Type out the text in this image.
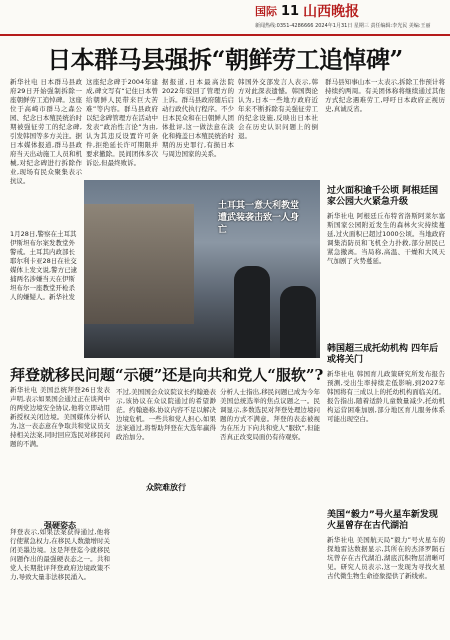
国际 11 山西晚报
新闻热线:0351-4286666 2024年1月31日 星期三 责任编辑:李光民 美编:王丽
日本群马县强拆“朝鲜劳工追悼碑”
新华社电 日本群马县政府29日开始强制拆除一座朝鲜劳工追悼碑。这座位于高崎市群马之森公园、纪念日本殖民统治时期被强征劳工的纪念碑,引发韩国等多方关注。据日本媒体报道,群马县政府当天出动施工人员和机械,对纪念碑进行拆除作业,现场有民众聚集表示抗议。
这座纪念碑于2004年建成,碑文写有“记住日本曾给朝鲜人民带来巨大苦难”等内容。群马县政府以纪念碑管理方在活动中发表“政治性言论”为由,认为其违反设置许可条件,拒绝延长许可期限并要求撤除。民间团体多次诉讼,但最终败诉。
据报道,日本最高法院2022年驳回了管理方的上诉。群马县政府随后启动行政代执行程序。不少日本民众和在日朝鲜人团体批评,这一做法意在淡化和掩盖日本殖民统治时期的历史罪行,有损日本与周边国家的关系。
韩国外交部发言人表示,韩方对此深表遗憾。韩国舆论认为,日本一些地方政府近年来不断拆除有关强征劳工的纪念设施,反映出日本社会在历史认识问题上的倒退。
群马县知事山本一太表示,拆除工作预计将持续约两周。有关团体称将继续通过其他方式纪念遇难劳工,呼吁日本政府正视历史,真诚反省。
1月28日,警察在土耳其伊斯坦布尔案发教堂外警戒。土耳其内政部长耶尔利卡亚28日在社交媒体上发文说,警方已逮捕两名涉嫌当天在伊斯坦布尔一座教堂开枪杀人的嫌疑人。新华社发
土耳其一意大利教堂遭武装袭击致一人身亡
拜登就移民问题“示硬”还是向共和党人“服软”?
新华社电 美国总统拜登26日发表声明,表示如果国会通过正在谈判中的两党边境安全协议,他将立即动用新授权关闭边境。美国媒体分析认为,这一表态意在争取共和党议员支持相关法案,同时回应选民对移民问题的不满。
强硬姿态
拜登表示,如果法案获得通过,他将行使紧急权力,在移民人数激增时关闭美墨边境。这是拜登迄今就移民问题作出的最强硬表态之一。共和党人长期批评拜登政府边境政策不力,导致大量非法移民涌入。
众院难放行
不过,美国国会众议院议长约翰逊表示,该协议在众议院通过的希望渺茫。约翰逊称,协议内容不足以解决边境危机。一些共和党人担心,如果法案通过,将帮助拜登在大选年赢得政治加分。
分析人士指出,移民问题已成为今年美国总统选举的焦点议题之一。民调显示,多数选民对拜登处理边境问题的方式不满意。拜登的表态被视为在压力下向共和党人“服软”,但能否真正改变局面仍有待观察。
过火面积逾千公顷 阿根廷国家公园大火紧急升级
新华社电 阿根廷丘布特省洛斯阿莱尔塞斯国家公园附近发生的森林火灾持续蔓延,过火面积已超过1000公顷。当地政府调集消防员和飞机全力扑救,部分居民已紧急撤离。当局称,高温、干燥和大风天气加剧了火势蔓延。
韩国超三成托幼机构 四年后或将关门
新华社电 韩国育儿政策研究所发布报告预测,受出生率持续走低影响,到2027年韩国将有三成以上的托幼机构面临关闭。报告指出,随着适龄儿童数量减少,托幼机构运营困难加剧,部分地区育儿服务体系可能出现空白。
美国“毅力”号火星车新发现 火星曾存在古代湖泊
新华社电 美国航天局“毅力”号火星车的探地雷达数据显示,其所在的杰泽罗陨石坑曾存在古代湖泊,湖底沉积物层清晰可见。研究人员表示,这一发现为寻找火星古代微生物生命迹象提供了新线索。
